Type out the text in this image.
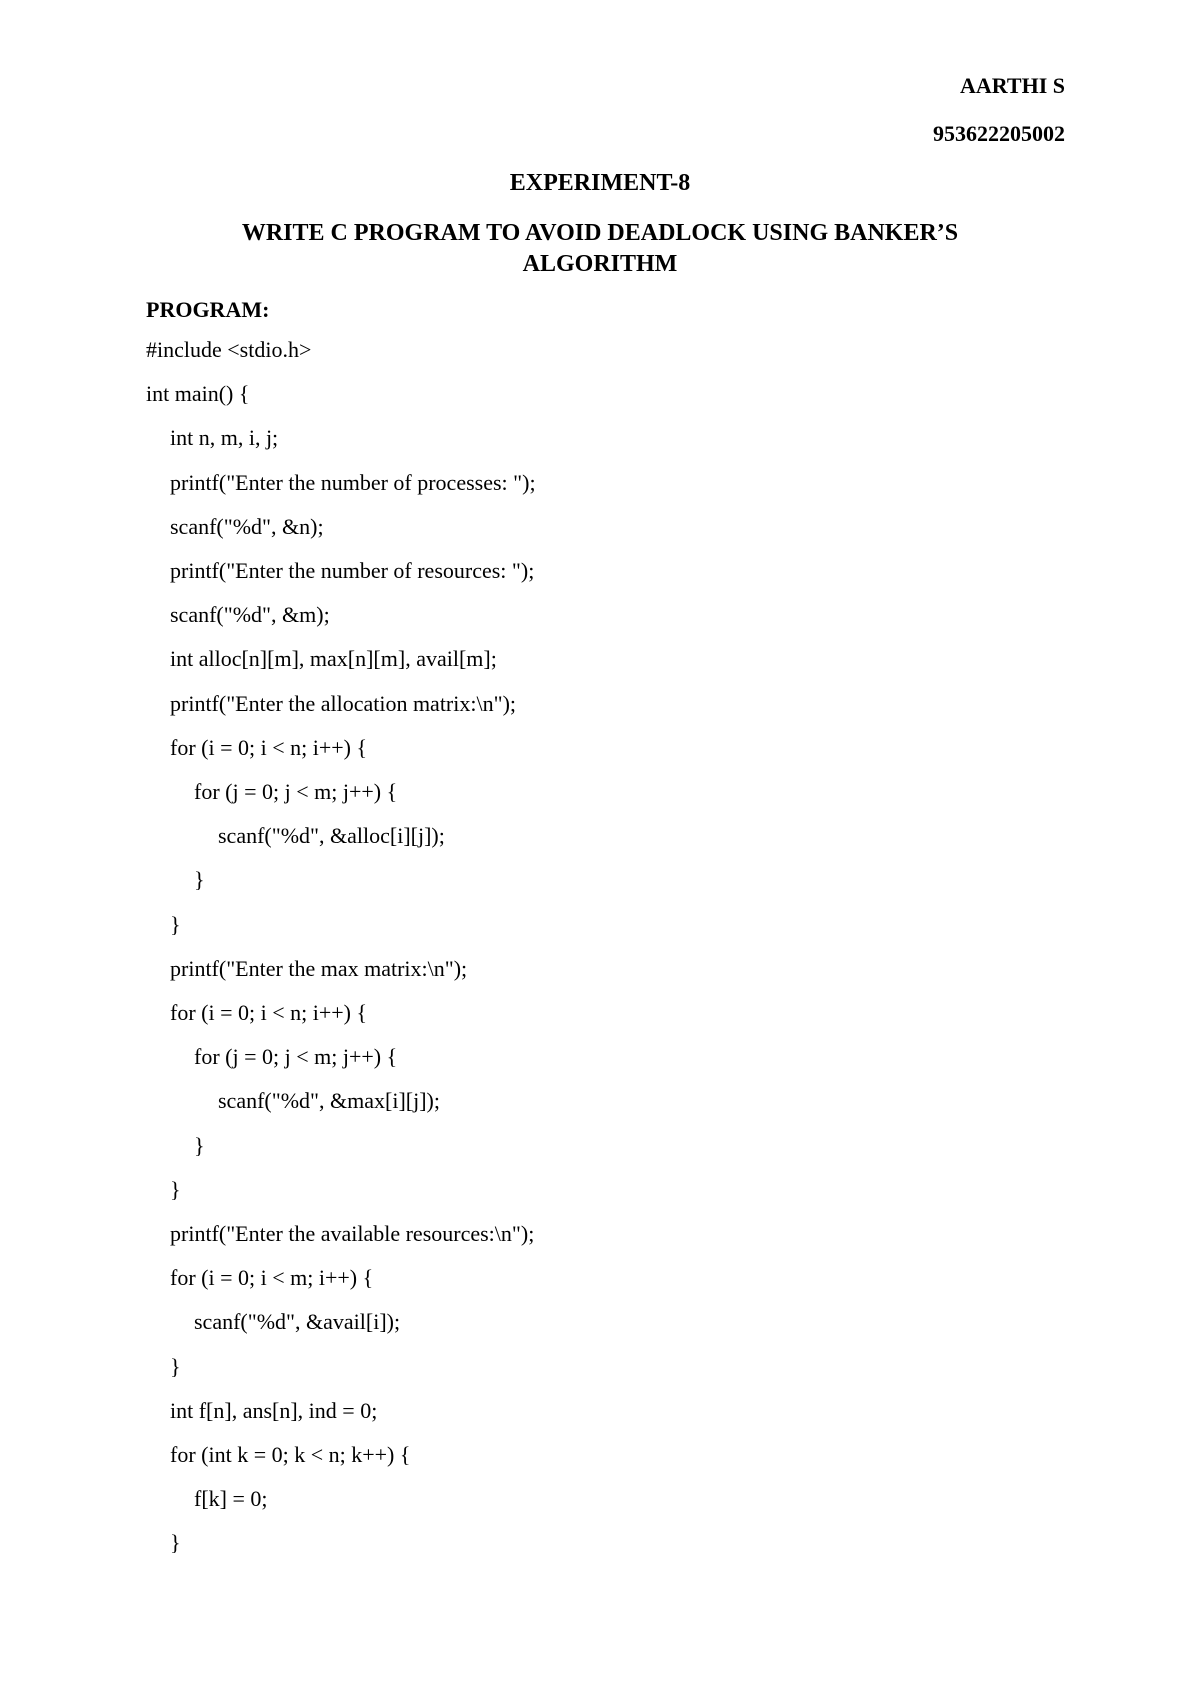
AARTHI S
953622205002
EXPERIMENT-8
WRITE C PROGRAM TO AVOID DEADLOCK USING BANKER’S
ALGORITHM
PROGRAM:
#include <stdio.h>
int main() {
int n, m, i, j;
printf("Enter the number of processes: ");
scanf("%d", &n);
printf("Enter the number of resources: ");
scanf("%d", &m);
int alloc[n][m], max[n][m], avail[m];
printf("Enter the allocation matrix:\n");
for (i = 0; i < n; i++) {
for (j = 0; j < m; j++) {
scanf("%d", &alloc[i][j]);
}
}
printf("Enter the max matrix:\n");
for (i = 0; i < n; i++) {
for (j = 0; j < m; j++) {
scanf("%d", &max[i][j]);
}
}
printf("Enter the available resources:\n");
for (i = 0; i < m; i++) {
scanf("%d", &avail[i]);
}
int f[n], ans[n], ind = 0;
for (int k = 0; k < n; k++) {
f[k] = 0;
}
